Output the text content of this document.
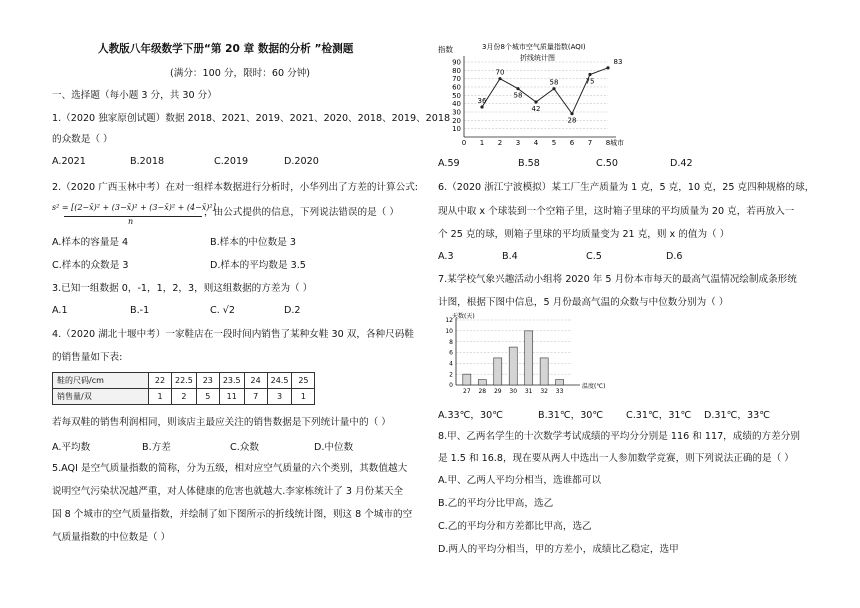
人教版八年级数学下册“第 20 章 数据的分析 ”检测题
(满分：100 分，限时：60 分钟)
一、选择题（每小题 3 分，共 30 分）
1.（2020 独家原创试题）数据 2018、2021、2019、2021、2020、2018、2019、2018
的众数是（ ）
A.2021	B.2018	C.2019	D.2020
2.（2020 广西玉林中考）在对一组样本数据进行分析时，小华列出了方差的计算公式:
s² = [(2−x̄)² + (3−x̄)² + (3−x̄)² + (4−x̄)²]
n
，由公式提供的信息，下列说法错误的是（ ）
A.样本的容量是 4	B.样本的中位数是 3
C.样本的众数是 3	D.样本的平均数是 3.5
3.已知一组数据 0，-1，1，2，3，则这组数据的方差为（ ）
A.1	B.-1	C. √2	D.2
4.（2020 湖北十堰中考）一家鞋店在一段时间内销售了某种女鞋 30 双，各种尺码鞋
的销售量如下表:
鞋的尺码/cm	22	22.5	23	23.5	24	24.5	25
销售量/双	1	2	5	11	7	3	1
若每双鞋的销售利润相同，则该店主最应关注的销售数据是下列统计量中的（ ）
A.平均数	B.方差	C.众数	D.中位数
5.AQI 是空气质量指数的简称，分为五级，相对应空气质量的六个类别，其数值越大
说明空气污染状况越严重，对人体健康的危害也就越大.李家栋统计了 3 月份某天全
国 8 个城市的空气质量指数，并绘制了如下图所示的折线统计图，则这 8 个城市的空
气质量指数的中位数是（ ）
3月份8个城市空气质量指数(AQI)
折线统计图
指数
10
20
30
40
50
60
70
80
90
0 1 2 3 4 5 6 7 8 城市
36
70
58
42
58
28
75
83
A.59	B.58	C.50	D.42
6.（2020 浙江宁波模拟）某工厂生产质量为 1 克，5 克，10 克，25 克四种规格的球，
现从中取 x 个球装到一个空箱子里，这时箱子里球的平均质量为 20 克，若再放入一
个 25 克的球，则箱子里球的平均质量变为 21 克，则 x 的值为（ ）
A.3	B.4	C.5	D.6
7.某学校气象兴趣活动小组将 2020 年 5 月份本市每天的最高气温情况绘制成条形统
计图，根据下图中信息，5 月份最高气温的众数与中位数分别为（ ）
天数(天)
0
2
4
6
8
10
12
27 28 29 30 31 32 33
温度(℃)
A.33℃，30℃	B.31℃，30℃ C.31℃，31℃ D.31℃，33℃
8.甲、乙两名学生的十次数学考试成绩的平均分分别是 116 和 117，成绩的方差分别
是 1.5 和 16.8，现在要从两人中选出一人参加数学竞赛，则下列说法正确的是（ ）
A.甲、乙两人平均分相当，选谁都可以
B.乙的平均分比甲高，选乙
C.乙的平均分和方差都比甲高，选乙
D.两人的平均分相当，甲的方差小，成绩比乙稳定，选甲
